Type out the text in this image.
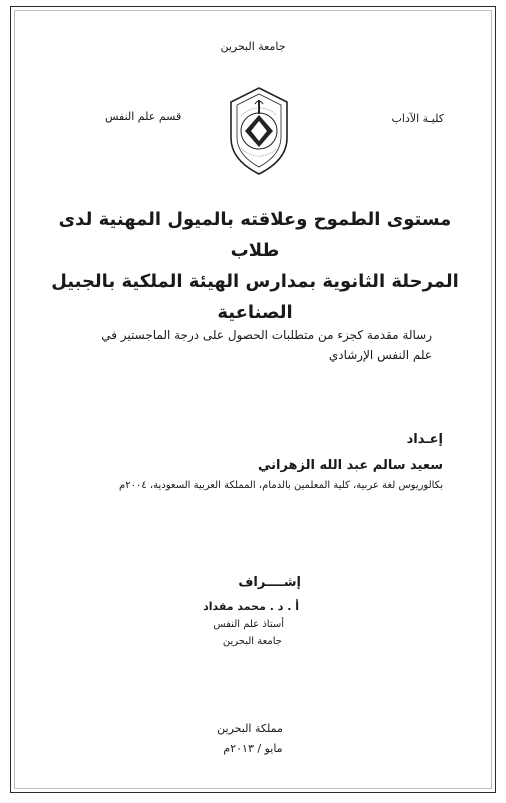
جامعة البحرين
قسم علم النفس	كليـة الآداب
مستوى الطموح وعلاقته بالميول المهنية لدى طلاب
المرحلة الثانوية بمدارس الهيئة الملكية بالجبيل
الصناعية
رسالة مقدمة كجزء من متطلبات الحصول على درجة الماجستير في
علم النفس الإرشادي
إعـداد
سعيد سالم عبد الله الزهراني
بكالوريوس لغة عربية، كلية المعلمين بالدمام، المملكة العربية السعودية، ٢٠٠٤م
إشــــراف
أ . د . محمد مقداد
أستاذ علم النفس
جامعة البحرين
مملكة البحرين
مايو / ٢٠١٣م
